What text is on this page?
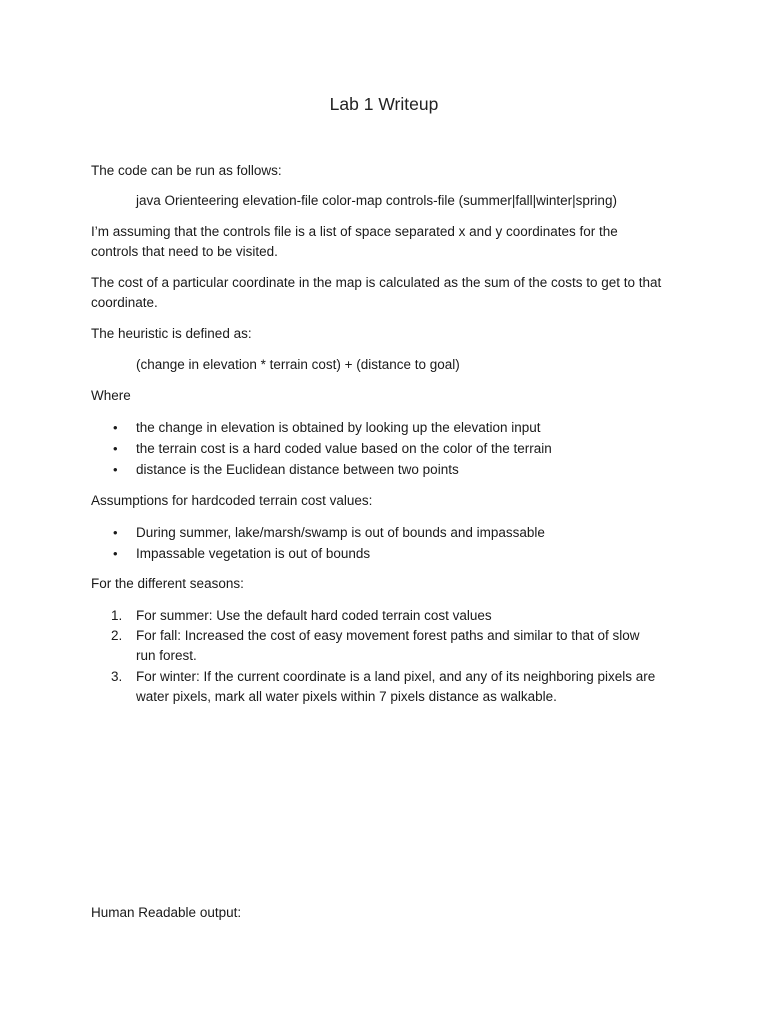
Lab 1 Writeup
The code can be run as follows:
java Orienteering elevation-file color-map controls-file (summer|fall|winter|spring)
I’m assuming that the controls file is a list of space separated x and y coordinates for the
controls that need to be visited.
The cost of a particular coordinate in the map is calculated as the sum of the costs to get to that
coordinate.
The heuristic is defined as:
(change in elevation * terrain cost) + (distance to goal)
Where
•	the change in elevation is obtained by looking up the elevation input
•	the terrain cost is a hard coded value based on the color of the terrain
•	distance is the Euclidean distance between two points
Assumptions for hardcoded terrain cost values:
•	During summer, lake/marsh/swamp is out of bounds and impassable
•	Impassable vegetation is out of bounds
For the different seasons:
1.	For summer: Use the default hard coded terrain cost values
2.	For fall: Increased the cost of easy movement forest paths and similar to that of slow
run forest.
3.	For winter: If the current coordinate is a land pixel, and any of its neighboring pixels are
water pixels, mark all water pixels within 7 pixels distance as walkable.
Human Readable output:
